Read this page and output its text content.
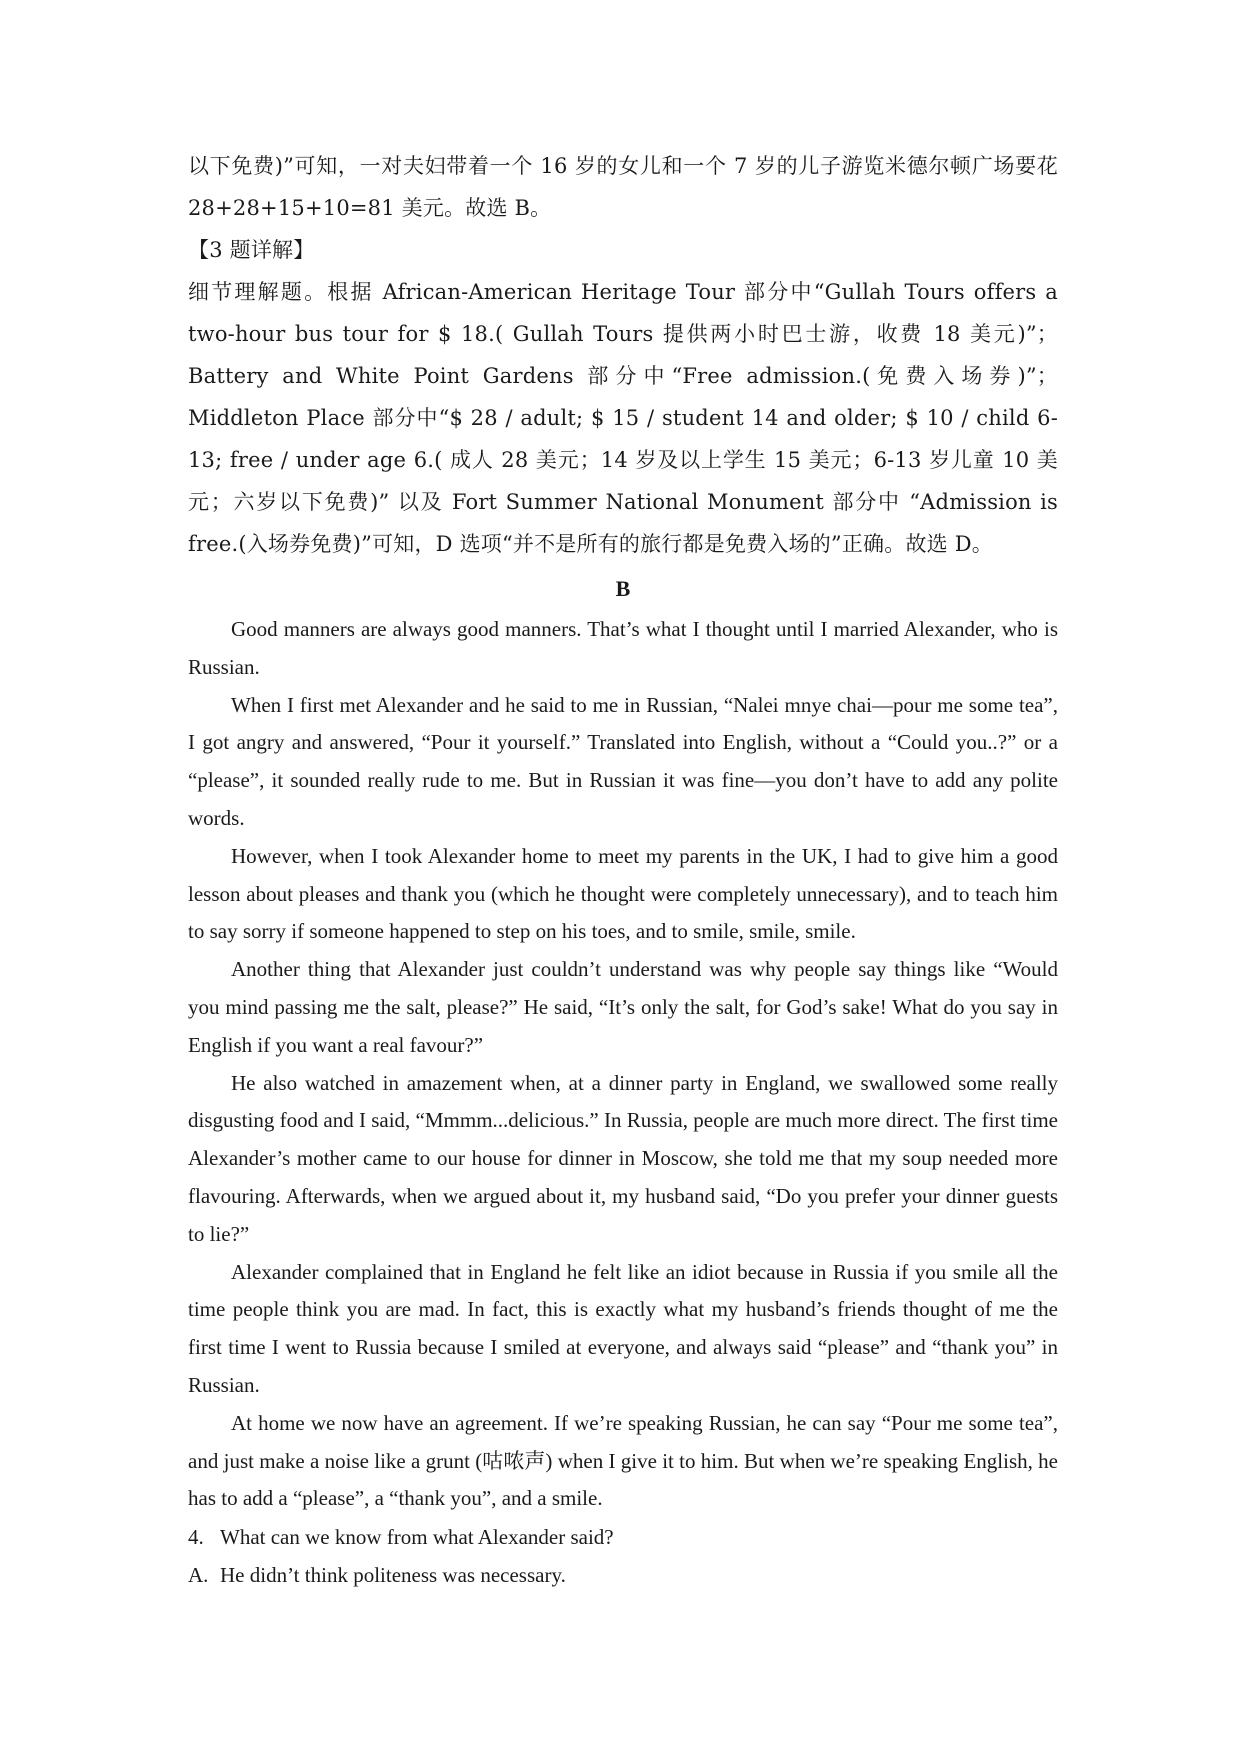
以下免费)”可知，一对夫妇带着一个 16 岁的女儿和一个 7 岁的儿子游览米德尔顿广场要花 28+28+15+10=81 美元。故选 B。

【3 题详解】

细节理解题。根据 African-American Heritage Tour 部分中“Gullah Tours offers a two-hour bus tour for $ 18.( Gullah Tours 提供两小时巴士游，收费 18 美元)”；Battery and White Point Gardens 部分中“Free admission.(免费入场券)”；Middleton Place 部分中“$ 28 / adult; $ 15 / student 14 and older; $ 10 / child 6-13; free / under age 6.( 成人 28 美元；14 岁及以上学生 15 美元；6-13 岁儿童 10 美元；六岁以下免费)” 以及 Fort Summer National Monument 部分中 “Admission is free.(入场券免费)”可知，D 选项“并不是所有的旅行都是免费入场的”正确。故选 D。

B

Good manners are always good manners. That’s what I thought until I married Alexander, who is Russian.

When I first met Alexander and he said to me in Russian, “Nalei mnye chai—pour me some tea”, I got angry and answered, “Pour it yourself.” Translated into English, without a “Could you..?” or a “please”, it sounded really rude to me. But in Russian it was fine—you don’t have to add any polite words.

However, when I took Alexander home to meet my parents in the UK, I had to give him a good lesson about pleases and thank you (which he thought were completely unnecessary), and to teach him to say sorry if someone happened to step on his toes, and to smile, smile, smile.

Another thing that Alexander just couldn’t understand was why people say things like “Would you mind passing me the salt, please?” He said, “It’s only the salt, for God’s sake! What do you say in English if you want a real favour?”

He also watched in amazement when, at a dinner party in England, we swallowed some really disgusting food and I said, “Mmmm...delicious.” In Russia, people are much more direct. The first time Alexander’s mother came to our house for dinner in Moscow, she told me that my soup needed more flavouring. Afterwards, when we argued about it, my husband said, “Do you prefer your dinner guests to lie?”

Alexander complained that in England he felt like an idiot because in Russia if you smile all the time people think you are mad. In fact, this is exactly what my husband’s friends thought of me the first time I went to Russia because I smiled at everyone, and always said “please” and “thank you” in Russian.

At home we now have an agreement. If we’re speaking Russian, he can say “Pour me some tea”, and just make a noise like a grunt (咕哝声) when I give it to him. But when we’re speaking English, he has to add a “please”, a “thank you”, and a smile.

4. What can we know from what Alexander said?

A. He didn’t think politeness was necessary.
